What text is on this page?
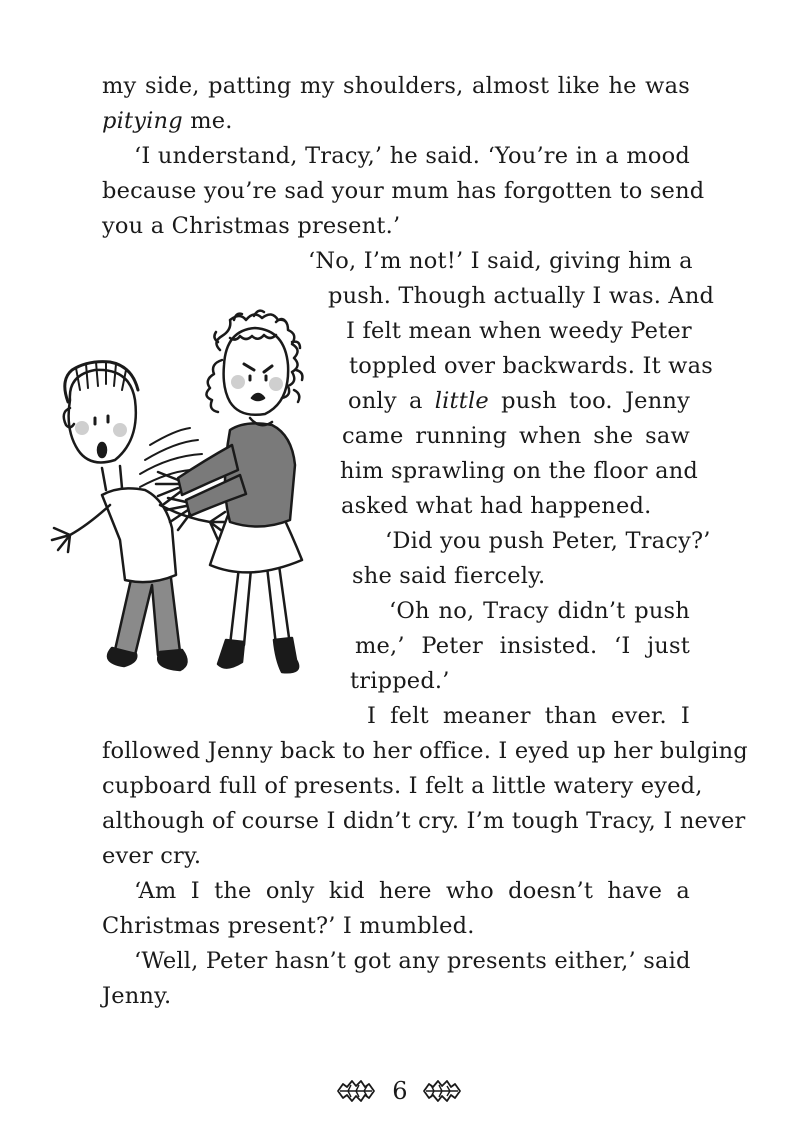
my side, patting my shoulders, almost like he was
pitying me.
‘I understand, Tracy,’ he said. ‘You’re in a mood
because you’re sad your mum has forgotten to send
you a Christmas present.’
‘No, I’m not!’ I said, giving him a
push. Though actually I was. And
I felt mean when weedy Peter
toppled over backwards. It was
only a little push too. Jenny
came running when she saw
him sprawling on the floor and
asked what had happened.
‘Did you push Peter, Tracy?’
she said fiercely.
‘Oh no, Tracy didn’t push
me,’ Peter insisted. ‘I just
tripped.’
I felt meaner than ever. I
followed Jenny back to her office. I eyed up her bulging
cupboard full of presents. I felt a little watery eyed,
although of course I didn’t cry. I’m tough Tracy, I never
ever cry.
‘Am I the only kid here who doesn’t have a
Christmas present?’ I mumbled.
‘Well, Peter hasn’t got any presents either,’ said
Jenny.
6
